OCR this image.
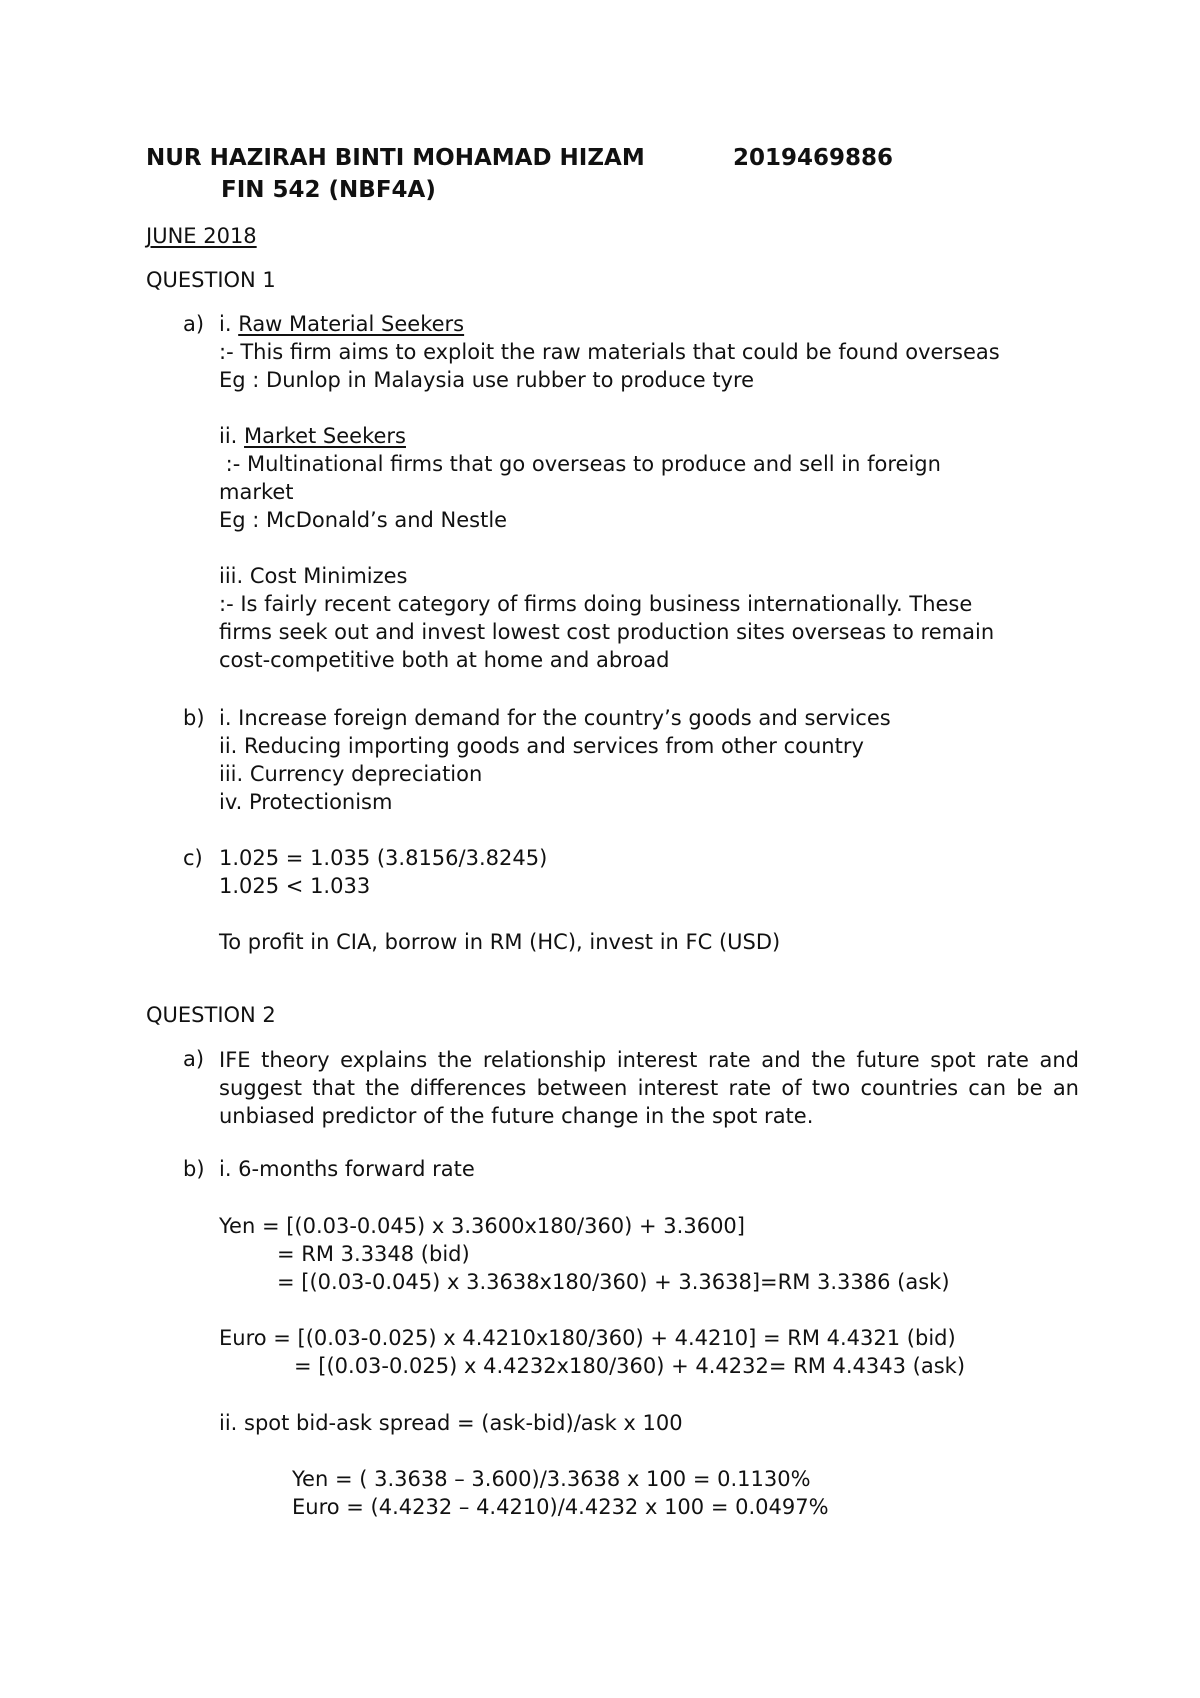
NUR HAZIRAH BINTI MOHAMAD HIZAM	2019469886
FIN 542 (NBF4A)
JUNE 2018
QUESTION 1
a) i. Raw Material Seekers
:- This firm aims to exploit the raw materials that could be found overseas
Eg : Dunlop in Malaysia use rubber to produce tyre
ii. Market Seekers
:- Multinational firms that go overseas to produce and sell in foreign
market
Eg : McDonald’s and Nestle
iii. Cost Minimizes
:- Is fairly recent category of firms doing business internationally. These
firms seek out and invest lowest cost production sites overseas to remain
cost-competitive both at home and abroad
b) i. Increase foreign demand for the country’s goods and services
ii. Reducing importing goods and services from other country
iii. Currency depreciation
iv. Protectionism
c) 1.025 = 1.035 (3.8156/3.8245)
1.025 < 1.033
To profit in CIA, borrow in RM (HC), invest in FC (USD)
QUESTION 2
a) IFE theory explains the relationship interest rate and the future spot rate and suggest that the differences between interest rate of two countries can be an unbiased predictor of the future change in the spot rate.
b) i. 6-months forward rate
Yen = [(0.03-0.045) x 3.3600x180/360) + 3.3600]
= RM 3.3348 (bid)
= [(0.03-0.045) x 3.3638x180/360) + 3.3638]=RM 3.3386 (ask)
Euro = [(0.03-0.025) x 4.4210x180/360) + 4.4210] = RM 4.4321 (bid)
= [(0.03-0.025) x 4.4232x180/360) + 4.4232= RM 4.4343 (ask)
ii. spot bid-ask spread = (ask-bid)/ask x 100
Yen = ( 3.3638 – 3.600)/3.3638 x 100 = 0.1130%
Euro = (4.4232 – 4.4210)/4.4232 x 100 = 0.0497%
